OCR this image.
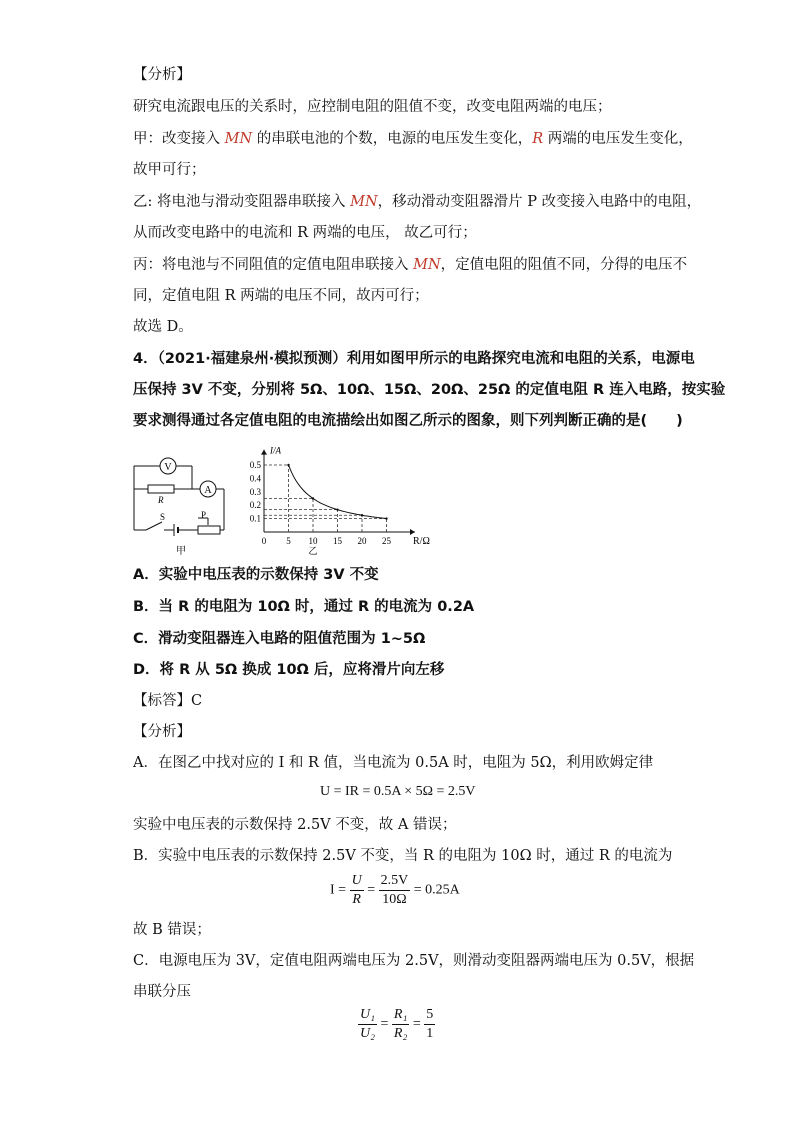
【分析】
研究电流跟电压的关系时，应控制电阻的阻值不变，改变电阻两端的电压；
甲：改变接入 MN 的串联电池的个数，电源的电压发生变化，R 两端的电压发生变化，
故甲可行；
乙: 将电池与滑动变阻器串联接入 MN，移动滑动变阻器滑片 P 改变接入电路中的电阻，
从而改变电路中的电流和 R 两端的电压， 故乙可行；
丙：将电池与不同阻值的定值电阻串联接入 MN，定值电阻的阻值不同，分得的电压不
同，定值电阻 R 两端的电压不同，故丙可行；
故选 D。
4．（2021·福建泉州·模拟预测）利用如图甲所示的电路探究电流和电阻的关系，电源电
压保持 3V 不变，分别将 5Ω、10Ω、15Ω、20Ω、25Ω 的定值电阻 R 连入电路，按实验
要求测得通过各定值电阻的电流描绘出如图乙所示的图象，则下列判断正确的是(　　)
V
A
R
S	P
甲
0.1
0.2
0.3
0.4
0.5
0 5 10 15 20 25
I/A
R/Ω
乙
A．实验中电压表的示数保持 3V 不变
B．当 R 的电阻为 10Ω 时，通过 R 的电流为 0.2A
C．滑动变阻器连入电路的阻值范围为 1~5Ω
D．将 R 从 5Ω 换成 10Ω 后，应将滑片向左移
【标答】C
【分析】
A．在图乙中找对应的 I 和 R 值，当电流为 0.5A 时，电阻为 5Ω，利用欧姆定律
U = IR = 0.5A × 5Ω = 2.5V
实验中电压表的示数保持 2.5V 不变，故 A 错误；
B．实验中电压表的示数保持 2.5V 不变，当 R 的电阻为 10Ω 时，通过 R 的电流为
$I = \frac{U}{R} = \frac{2.5V}{10\Omega} = 0.25A$
故 B 错误；
C．电源电压为 3V，定值电阻两端电压为 2.5V，则滑动变阻器两端电压为 0.5V，根据
串联分压
$\frac{\text{U₁}}{\text{U₂}} = \frac{\text{R₁}}{\text{R₂}} = \frac{5}{1}$
